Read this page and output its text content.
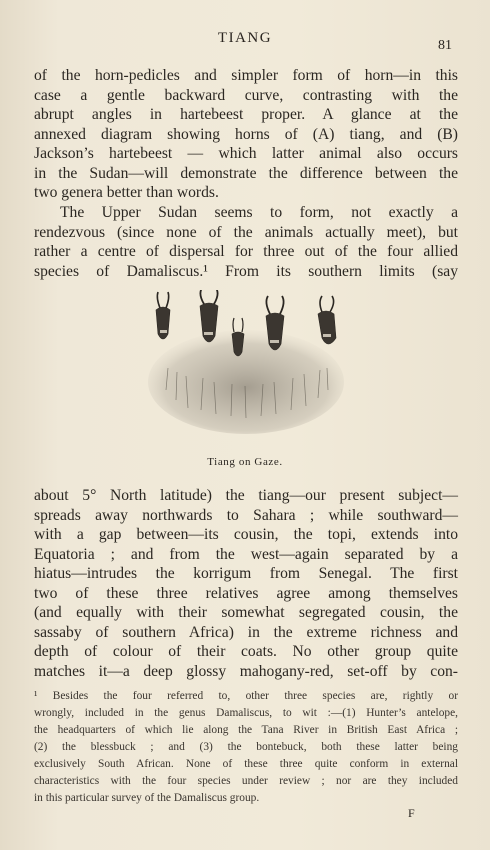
TIANG	81
of the horn-pedicles and simpler form of horn—in this
case a gentle backward curve, contrasting with the
abrupt angles in hartebeest proper. A glance at the
annexed diagram showing horns of (A) tiang, and (B)
Jackson’s hartebeest — which latter animal also occurs
in the Sudan—will demonstrate the difference between the
two genera better than words.
The Upper Sudan seems to form, not exactly a
rendezvous (since none of the animals actually meet), but
rather a centre of dispersal for three out of the four allied
species of Damaliscus.¹ From its southern limits (say
Tiang on Gaze.
about 5° North latitude) the tiang—our present subject—
spreads away northwards to Sahara ; while southward—
with a gap between—its cousin, the topi, extends into
Equatoria ; and from the west—again separated by a
hiatus—intrudes the korrigum from Senegal. The first
two of these three relatives agree among themselves
(and equally with their somewhat segregated cousin, the
sassaby of southern Africa) in the extreme richness and
depth of colour of their coats. No other group quite
matches it—a deep glossy mahogany-red, set-off by con-
¹ Besides the four referred to, other three species are, rightly or
wrongly, included in the genus Damaliscus, to wit :—(1) Hunter’s antelope,
the headquarters of which lie along the Tana River in British East Africa ;
(2) the blessbuck ; and (3) the bontebuck, both these latter being
exclusively South African. None of these three quite conform in external
characteristics with the four species under review ; nor are they included
in this particular survey of the Damaliscus group.
F
